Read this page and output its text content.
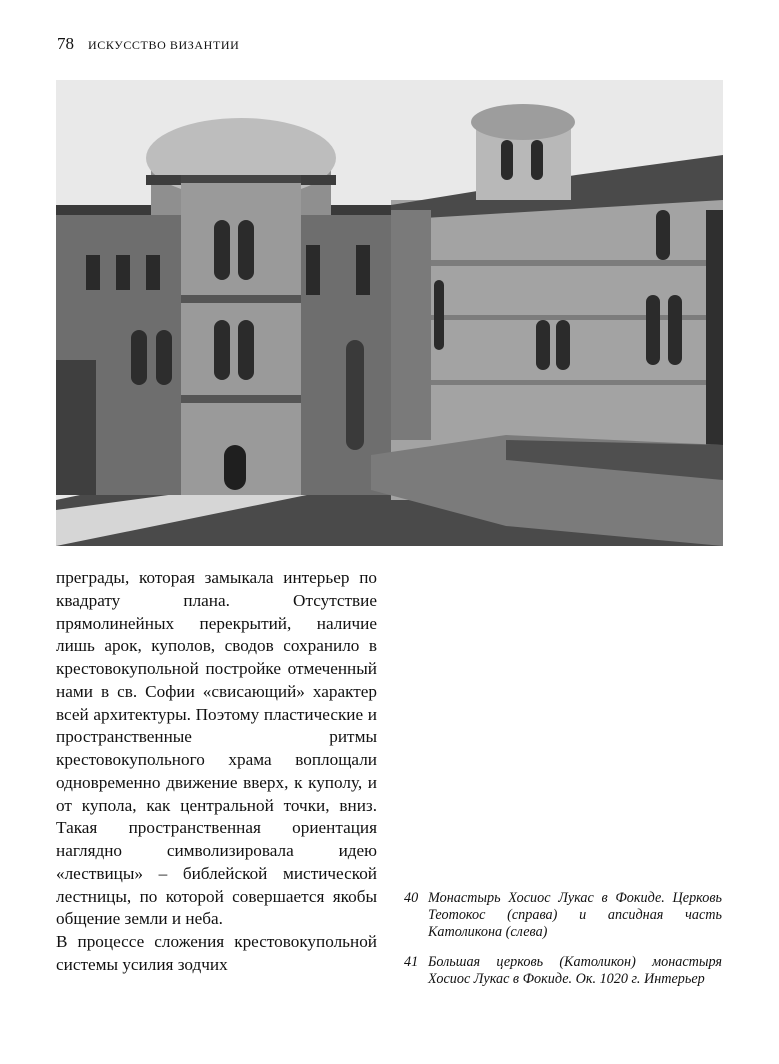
78 ИСКУССТВО ВИЗАНТИИ

преграды, которая замыкала интерьер по квадрату плана. Отсутствие прямолинейных перекрытий, наличие лишь арок, куполов, сводов сохранило в крестовокупольной постройке отмеченный нами в св. Софии «свисающий» характер всей архитектуры. Поэтому пластические и пространственные ритмы крестовокупольного храма воплощали одновременно движение вверх, к куполу, и от купола, как центральной точки, вниз. Такая пространственная ориентация наглядно символизировала идею «лествицы» – библейской мистической лестницы, по которой совершается якобы общение земли и неба.

В процессе сложения крестовокупольной системы усилия зодчих

40 Монастырь Хосиос Лукас в Фокиде. Церковь Теотокос (справа) и апсидная часть Католикона (слева)
41 Большая церковь (Католикон) монастыря Хосиос Лукас в Фокиде. Ок. 1020 г. Интерьер
